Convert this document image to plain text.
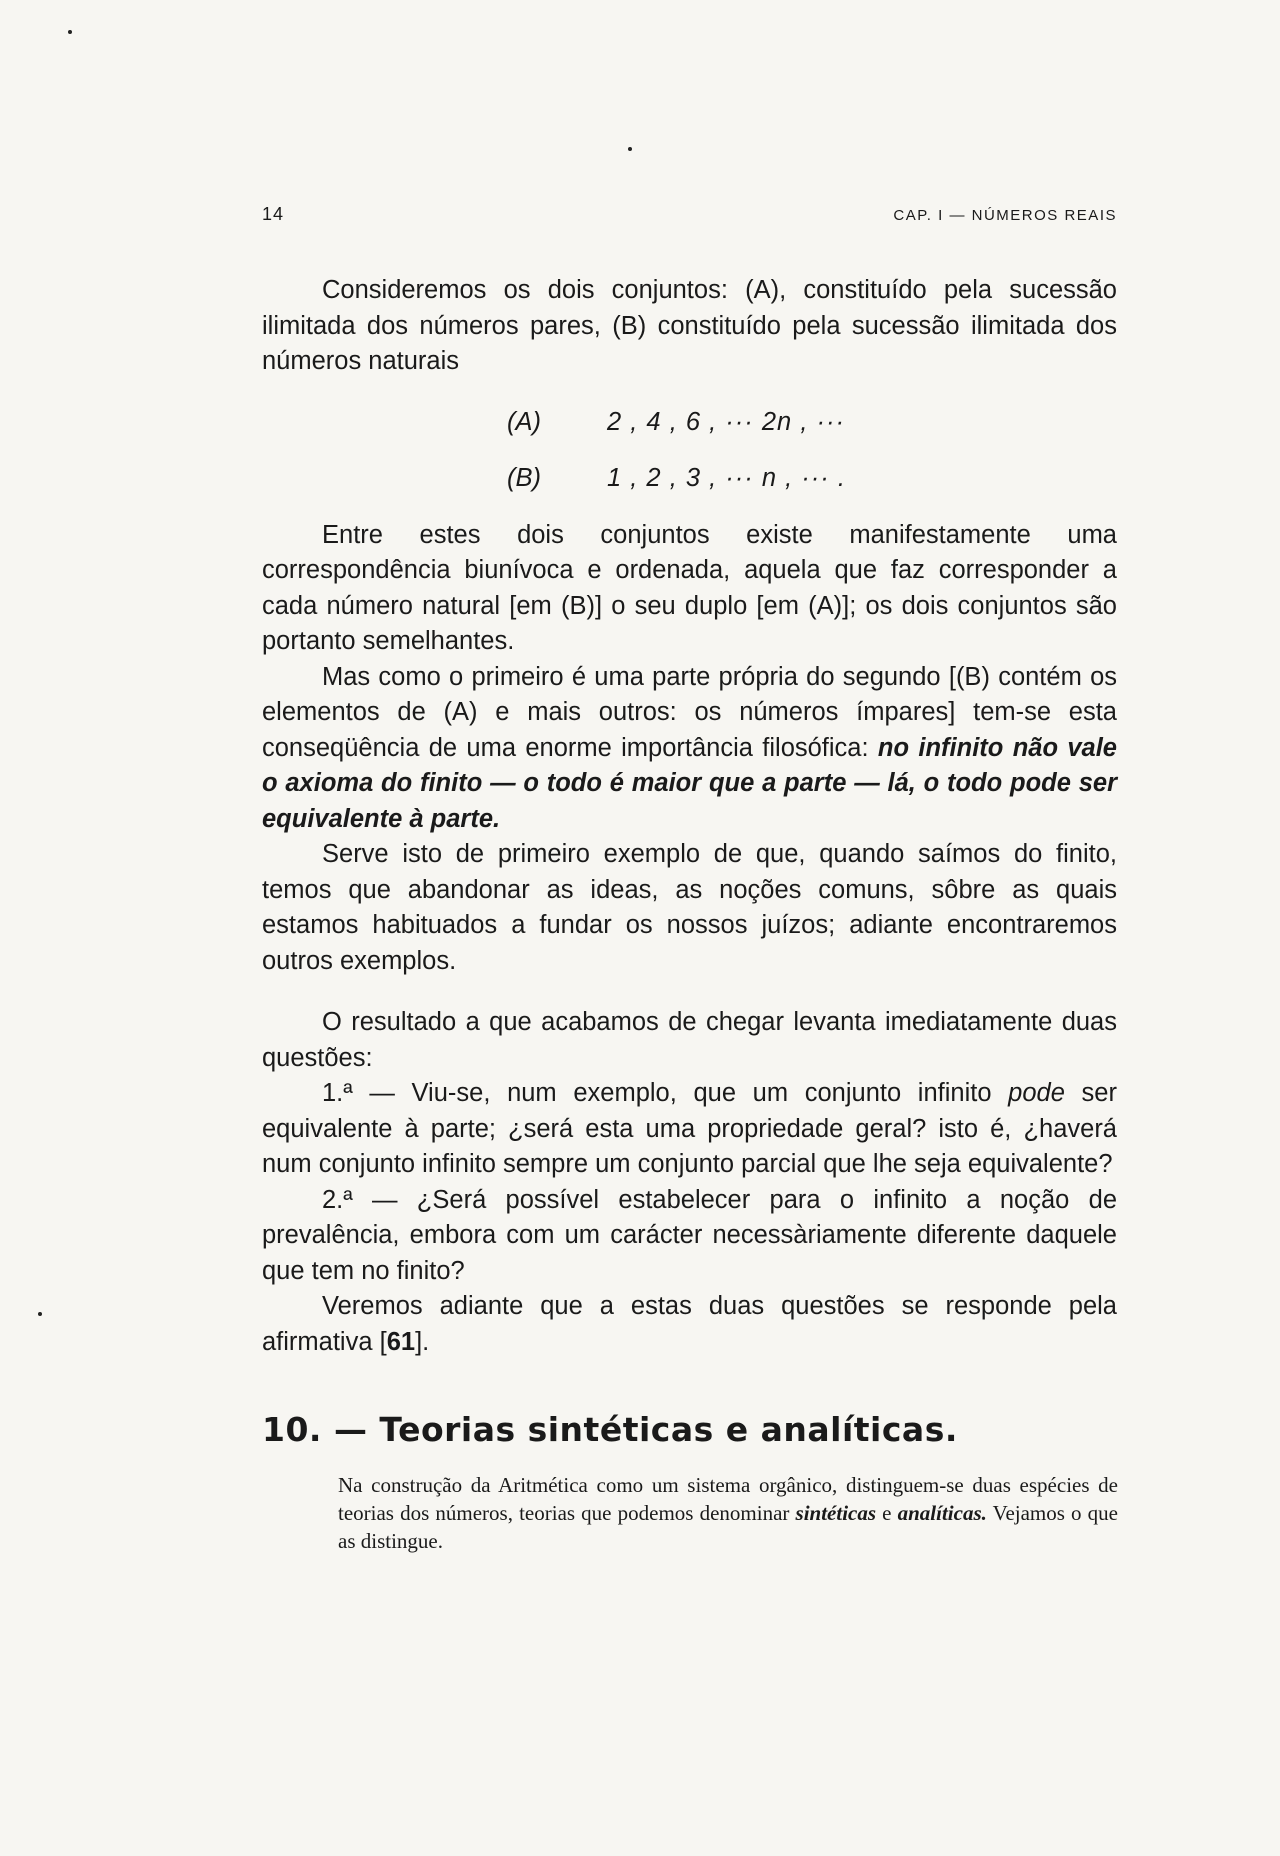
14	CAP. I — NÚMEROS REAIS

Consideremos os dois conjuntos: (A), constituído pela sucessão ilimitada dos números pares, (B) constituído pela sucessão ilimitada dos números naturais

(A)	2 , 4 , 6 , ··· 2n , ···
(B)	1 , 2 , 3 , ··· n , ··· .

Entre estes dois conjuntos existe manifestamente uma correspondência biunívoca e ordenada, aquela que faz corresponder a cada número natural [em (B)] o seu duplo [em (A)]; os dois conjuntos são portanto semelhantes.

Mas como o primeiro é uma parte própria do segundo [(B) contém os elementos de (A) e mais outros: os números ímpares] tem-se esta conseqüência de uma enorme importância filosófica: no infinito não vale o axioma do finito — o todo é maior que a parte — lá, o todo pode ser equivalente à parte.

Serve isto de primeiro exemplo de que, quando saímos do finito, temos que abandonar as ideas, as noções comuns, sôbre as quais estamos habituados a fundar os nossos juízos; adiante encontraremos outros exemplos.

O resultado a que acabamos de chegar levanta imediatamente duas questões:

1.ª — Viu-se, num exemplo, que um conjunto infinito pode ser equivalente à parte; ¿será esta uma propriedade geral? isto é, ¿haverá num conjunto infinito sempre um conjunto parcial que lhe seja equivalente?

2.ª — ¿Será possível estabelecer para o infinito a noção de prevalência, embora com um carácter necessàriamente diferente daquele que tem no finito?

Veremos adiante que a estas duas questões se responde pela afirmativa [61].

10. — Teorias sintéticas e analíticas.
Na construção da Aritmética como um sistema orgânico, distinguem-se duas espécies de teorias dos números, teorias que podemos denominar sintéticas e analíticas. Vejamos o que as distingue.
